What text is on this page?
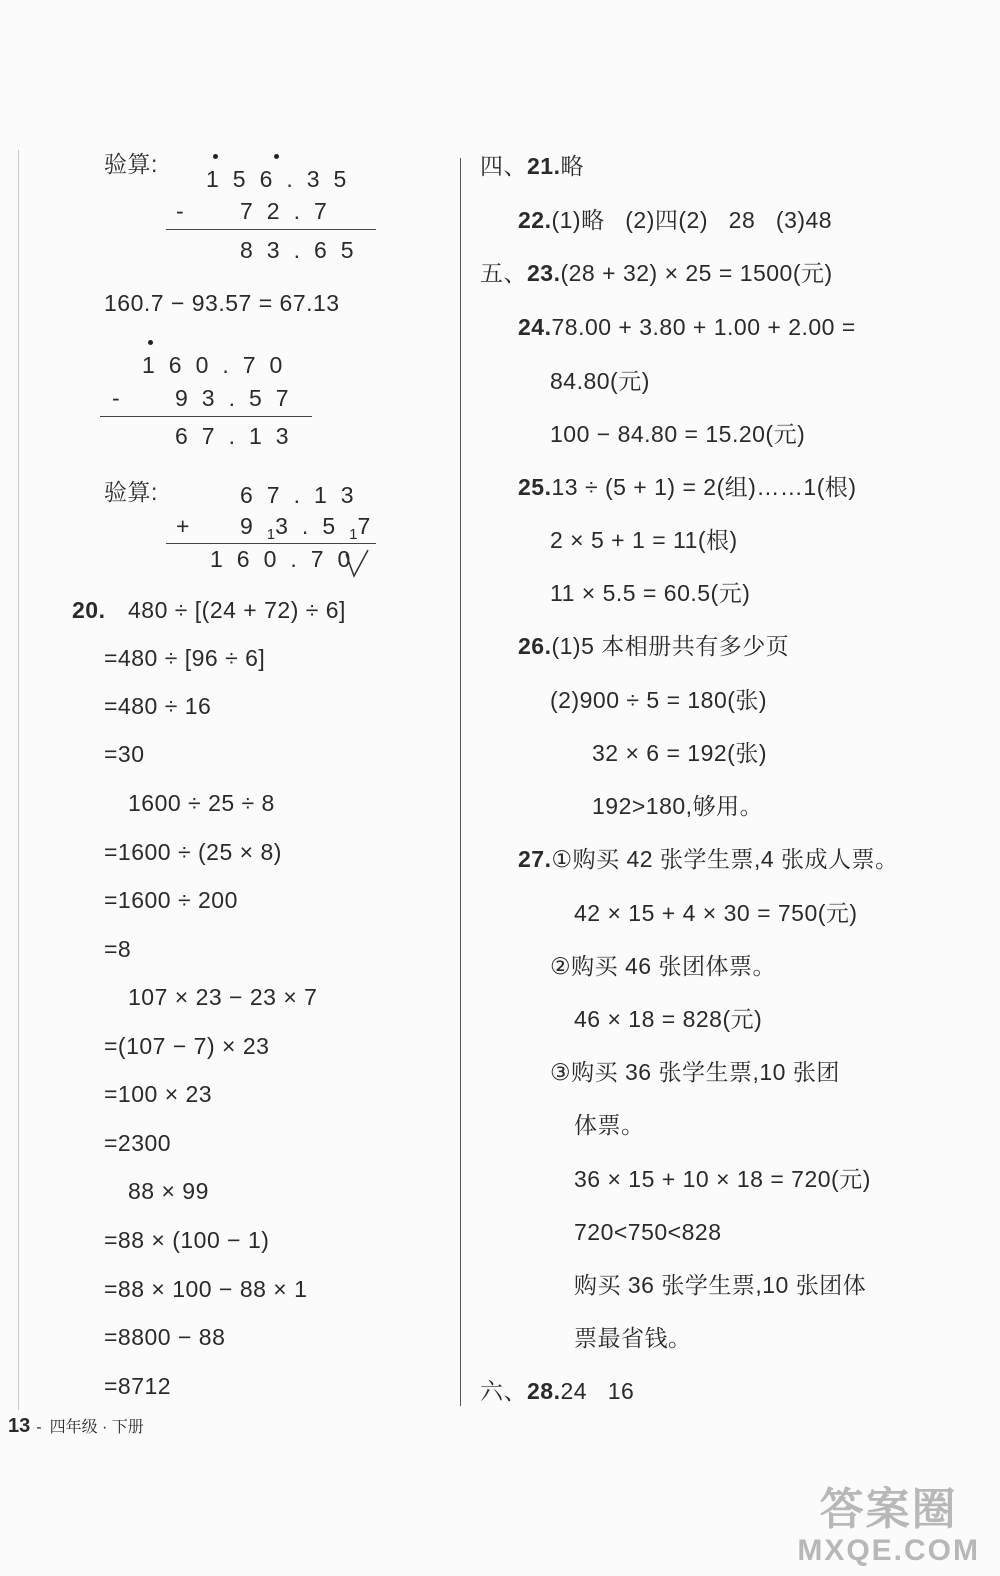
验算:
156.35
- 72.7
83.65
160.7 − 93.57 = 67.13
160.70
- 93.57
67.13
验算:	67.13
+ $9_13.5_17$
160.70
20. 480 ÷ [(24 + 72) ÷ 6]
=480 ÷ [96 ÷ 6]
=480 ÷ 16
=30
1600 ÷ 25 ÷ 8
=1600 ÷ (25 × 8)
=1600 ÷ 200
=8
107 × 23 − 23 × 7
=(107 − 7) × 23
=100 × 23
=2300
88 × 99
=88 × (100 − 1)
=88 × 100 − 88 × 1
=8800 − 88
=8712
四、21.略
22.(1)略   (2)四(2)   28   (3)48
五、23.(28 + 32) × 25 = 1500(元)
24.78.00 + 3.80 + 1.00 + 2.00 =
84.80(元)
100 − 84.80 = 15.20(元)
25.13 ÷ (5 + 1) = 2(组)……1(根)
2 × 5 + 1 = 11(根)
11 × 5.5 = 60.5(元)
26.(1)5 本相册共有多少页
(2)900 ÷ 5 = 180(张)
32 × 6 = 192(张)
192>180,够用。
27.①购买 42 张学生票,4 张成人票。
42 × 15 + 4 × 30 = 750(元)
②购买 46 张团体票。
46 × 18 = 828(元)
③购买 36 张学生票,10 张团
体票。
36 × 15 + 10 × 18 = 720(元)
720<750<828
购买 36 张学生票,10 张团体
票最省钱。
六、28.24   16
13 - 四年级 · 下册
答案圈
MXQE.COM
